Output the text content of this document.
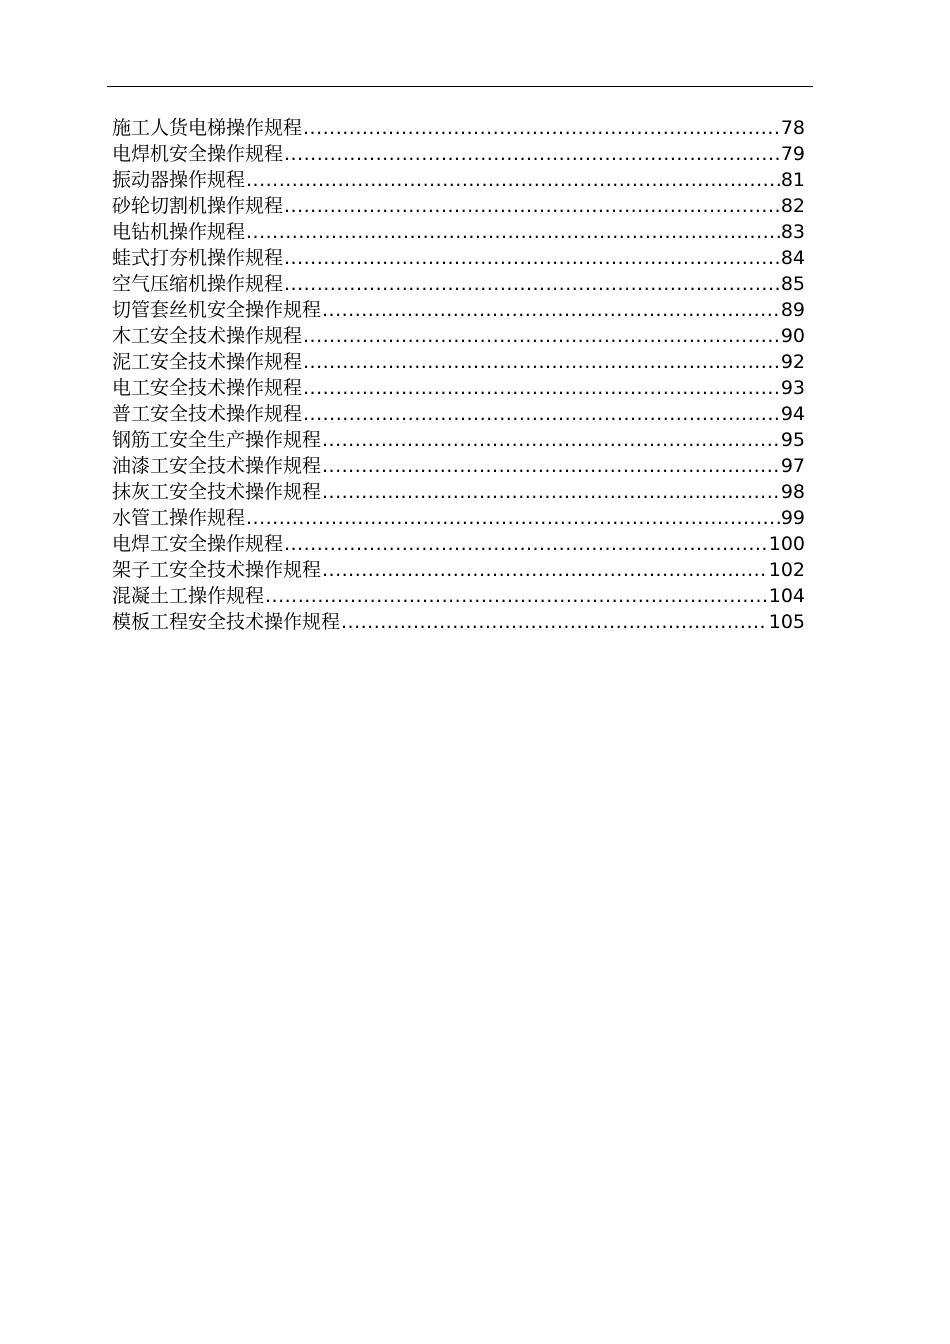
施工人货电梯操作规程 .....	78
电焊机安全操作规程 .....	79
振动器操作规程 .....	81
砂轮切割机操作规程 .....	82
电钻机操作规程 .....	83
蛙式打夯机操作规程 .....	84
空气压缩机操作规程 .....	85
切管套丝机安全操作规程 .....	89
木工安全技术操作规程 .....	90
泥工安全技术操作规程 .....	92
电工安全技术操作规程 .....	93
普工安全技术操作规程 .....	94
钢筋工安全生产操作规程 .....	95
油漆工安全技术操作规程 .....	97
抹灰工安全技术操作规程 .....	98
水管工操作规程 .....	99
电焊工安全操作规程 .....	100
架子工安全技术操作规程 .....	102
混凝土工操作规程 .....	104
模板工程安全技术操作规程 .....	105
